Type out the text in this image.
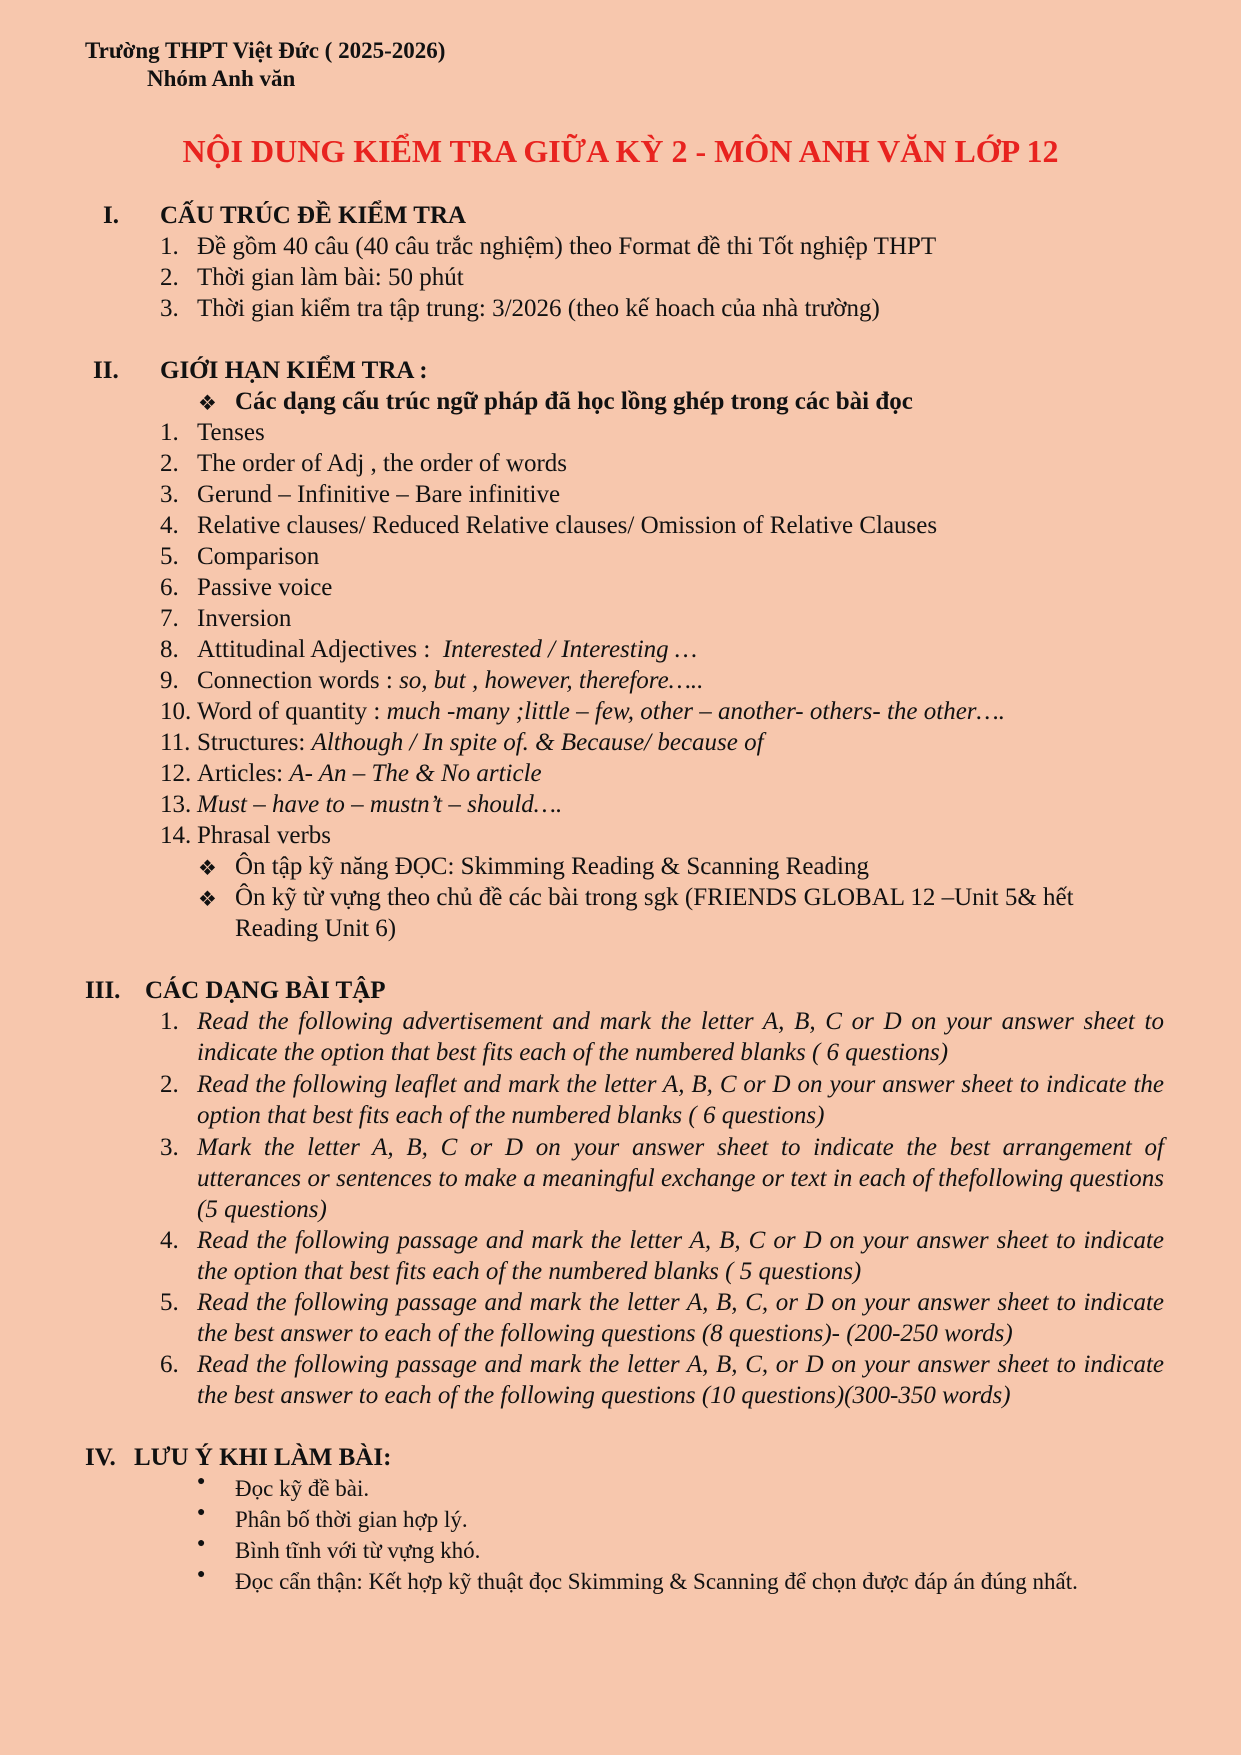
Trường THPT Việt Đức ( 2025-2026)
Nhóm Anh văn
NỘI DUNG KIỂM TRA GIỮA KỲ 2 - MÔN ANH VĂN LỚP 12
I. CẤU TRÚC ĐỀ KIỂM TRA
1. Đề gồm 40 câu (40 câu trắc nghiệm) theo Format đề thi Tốt nghiệp THPT
2. Thời gian làm bài: 50 phút
3. Thời gian kiểm tra tập trung: 3/2026 (theo kế hoach của nhà trường)
II. GIỚI HẠN KIỂM TRA :
❖ Các dạng cấu trúc ngữ pháp đã học lồng ghép trong các bài đọc
1. Tenses
2. The order of Adj , the order of words
3. Gerund – Infinitive – Bare infinitive
4. Relative clauses/ Reduced Relative clauses/ Omission of Relative Clauses
5. Comparison
6. Passive voice
7. Inversion
8. Attitudinal Adjectives :  Interested / Interesting …
9. Connection words : so, but , however, therefore…..
10. Word of quantity : much -many ;little – few, other – another- others- the other….
11. Structures: Although / In spite of. & Because/ because of
12. Articles: A- An – The & No article
13. Must – have to – mustn’t – should….
14. Phrasal verbs
❖ Ôn tập kỹ năng ĐỌC: Skimming Reading & Scanning Reading
❖ Ôn kỹ từ vựng theo chủ đề các bài trong sgk (FRIENDS GLOBAL 12 –Unit 5& hết
Reading Unit 6)
III. CÁC DẠNG BÀI TẬP
1. Read the following advertisement and mark the letter A, B, C or D on your answer sheet to indicate the option that best fits each of the numbered blanks ( 6 questions)
2. Read the following leaflet and mark the letter A, B, C or D on your answer sheet to indicate the option that best fits each of the numbered blanks ( 6 questions)
3. Mark the letter A, B, C or D on your answer sheet to indicate the best arrangement of utterances or sentences to make a meaningful exchange or text in each of thefollowing questions (5 questions)
4. Read the following passage and mark the letter A, B, C or D on your answer sheet to indicate the option that best fits each of the numbered blanks ( 5 questions)
5. Read the following passage and mark the letter A, B, C, or D on your answer sheet to indicate the best answer to each of the following questions (8 questions)- (200-250 words)
6. Read the following passage and mark the letter A, B, C, or D on your answer sheet to indicate the best answer to each of the following questions (10 questions)(300-350 words)
IV. LƯU Ý KHI LÀM BÀI:
● Đọc kỹ đề bài.
● Phân bố thời gian hợp lý.
● Bình tĩnh với từ vựng khó.
● Đọc cẩn thận: Kết hợp kỹ thuật đọc Skimming & Scanning để chọn được đáp án đúng nhất.
